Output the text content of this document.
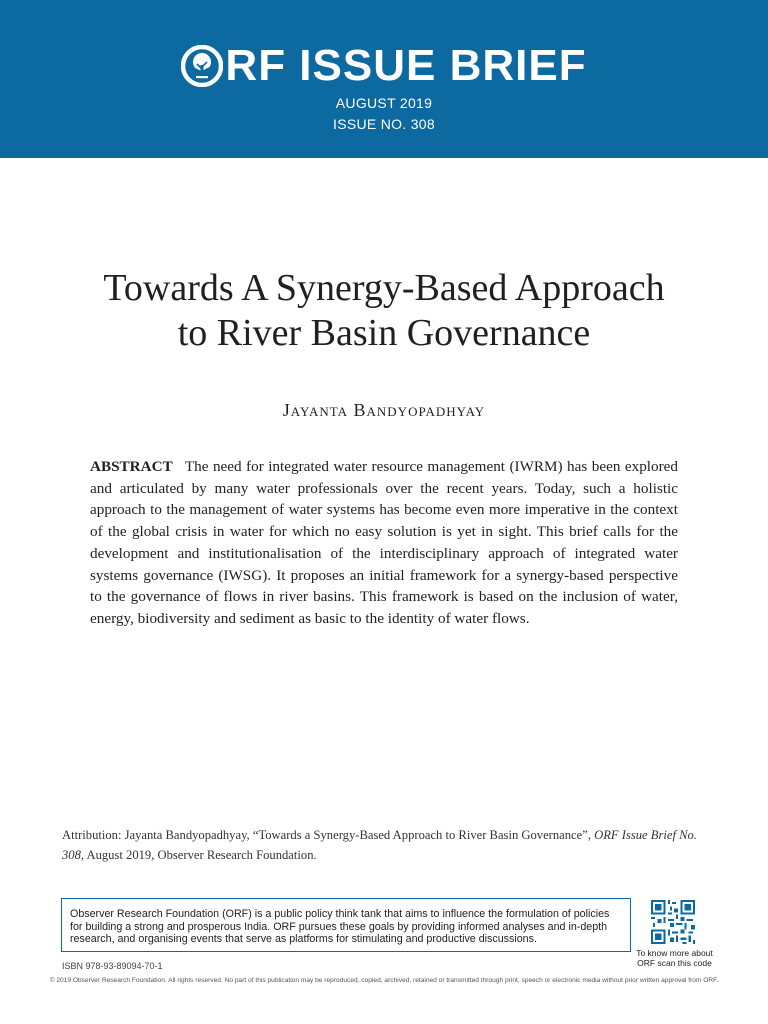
RF ISSUE BRIEF
AUGUST 2019
ISSUE NO. 308
Towards A Synergy-Based Approach
to River Basin Governance
Jayanta Bandyopadhyay

ABSTRACT The need for integrated water resource management (IWRM) has been explored and articulated by many water professionals over the recent years. Today, such a holistic approach to the management of water systems has become even more imperative in the context of the global crisis in water for which no easy solution is yet in sight. This brief calls for the development and institutionalisation of the interdisciplinary approach of integrated water systems governance (IWSG). It proposes an initial framework for a synergy-based perspective to the governance of flows in river basins. This framework is based on the inclusion of water, energy, biodiversity and sediment as basic to the identity of water flows.

Attribution: Jayanta Bandyopadhyay, “Towards a Synergy-Based Approach to River Basin Governance”, ORF Issue Brief No. 308, August 2019, Observer Research Foundation.

Observer Research Foundation (ORF) is a public policy think tank that aims to influence the formulation of policies for building a strong and prosperous India. ORF pursues these goals by providing informed analyses and in-depth research, and organising events that serve as platforms for stimulating and productive discussions.
To know more about
ORF scan this code
ISBN 978-93-89094-70-1
© 2019 Observer Research Foundation. All rights reserved. No part of this publication may be reproduced, copied, archived, retained or transmitted through print, speech or electronic media without prior written approval from ORF.
